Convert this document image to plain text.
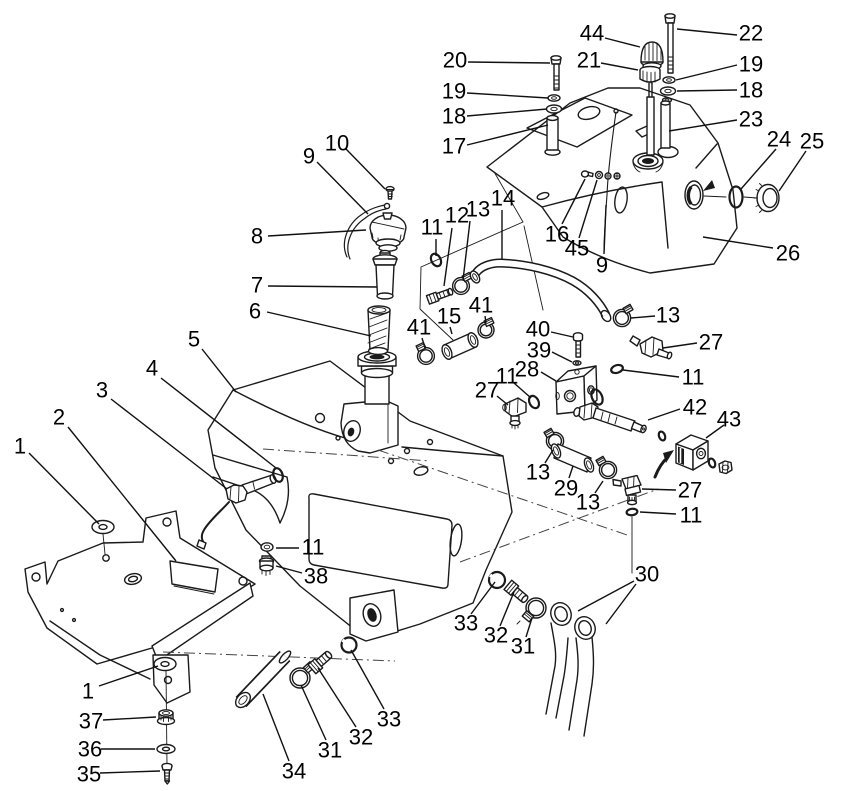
1
2
3
4
5
6
7
8
9
10
11 12
13 14
41 15 41
16
45
9
20
19
18
17
44
21
22
19
18
23
24 25
26
13
27
11
40
39
28
11
27
42 43
13
29
13	27
11
30
33 32 31
11
38
1
37
36
35	34
31
32
33
